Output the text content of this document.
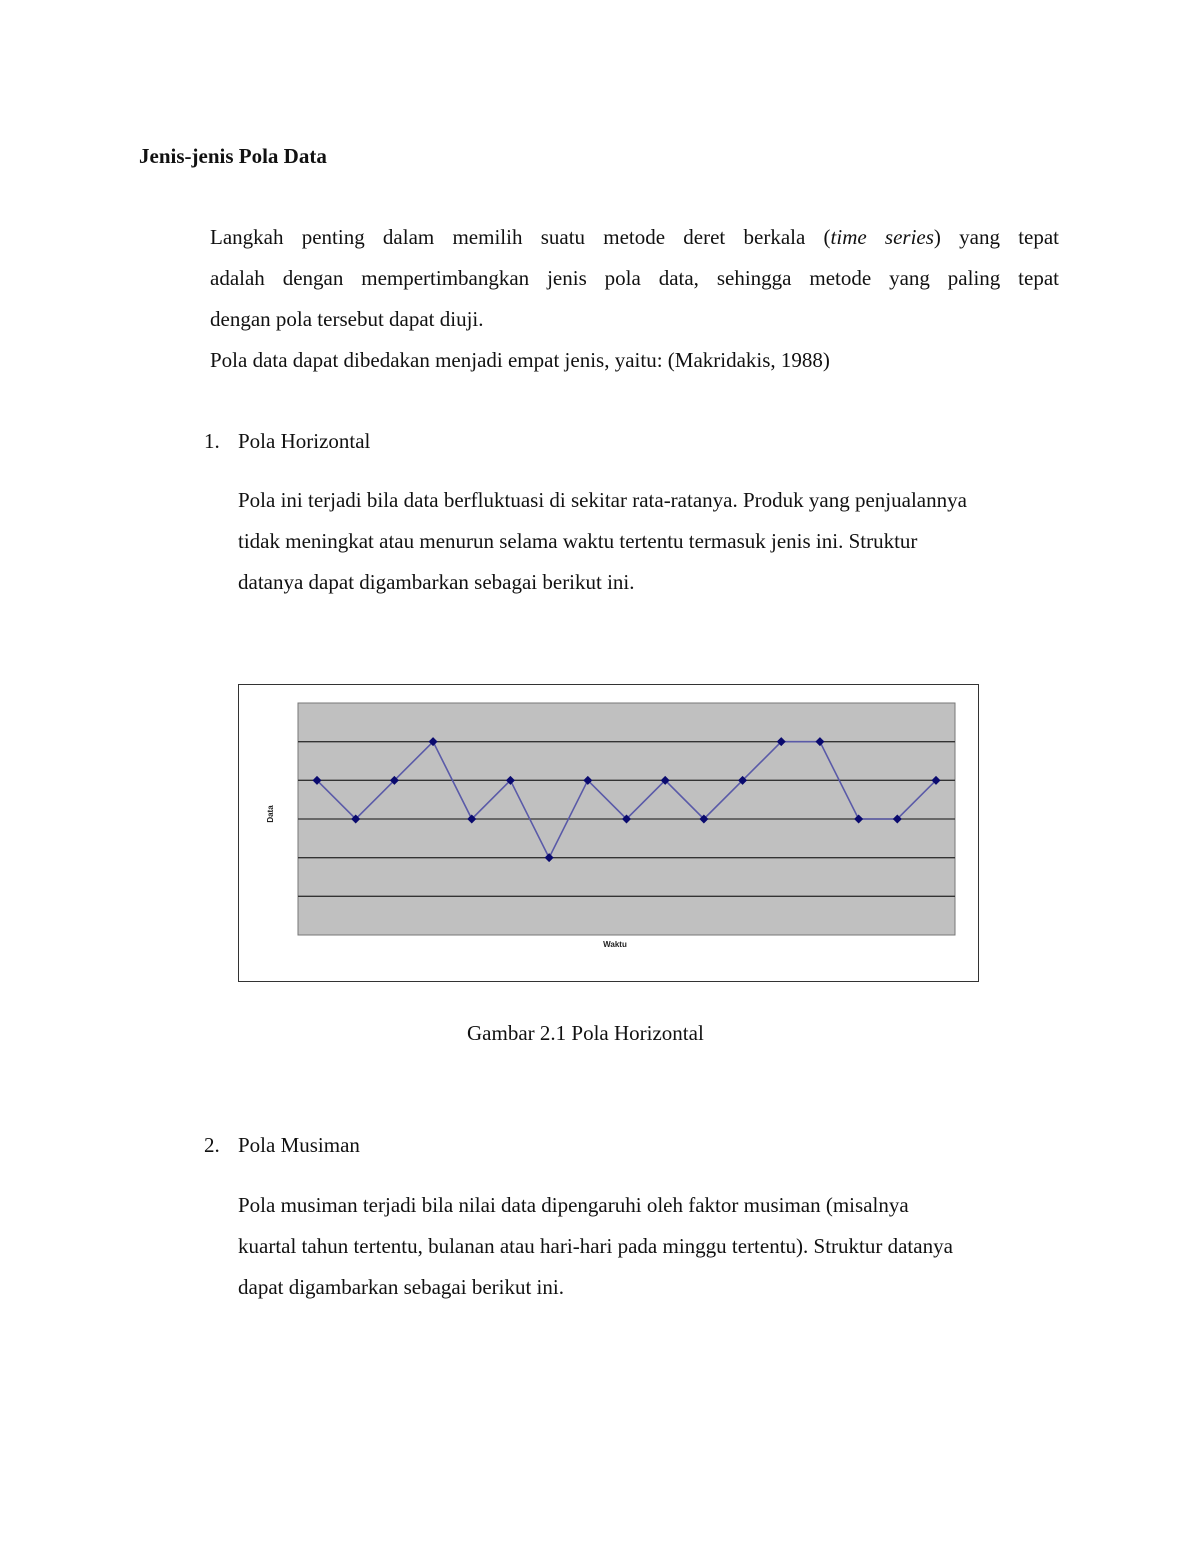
Jenis-jenis Pola Data
Langkah penting dalam memilih suatu metode deret berkala (time series) yang tepat
adalah dengan mempertimbangkan jenis pola data, sehingga metode yang paling tepat
dengan pola tersebut dapat diuji.
Pola data dapat dibedakan menjadi empat jenis, yaitu: (Makridakis, 1988)
1. Pola Horizontal
Pola ini terjadi bila data berfluktuasi di sekitar rata-ratanya. Produk yang penjualannya
tidak meningkat atau menurun selama waktu tertentu termasuk jenis ini. Struktur
datanya dapat digambarkan sebagai berikut ini.
Data
Waktu
Gambar 2.1 Pola Horizontal
2. Pola Musiman
Pola musiman terjadi bila nilai data dipengaruhi oleh faktor musiman (misalnya
kuartal tahun tertentu, bulanan atau hari-hari pada minggu tertentu). Struktur datanya
dapat digambarkan sebagai berikut ini.
